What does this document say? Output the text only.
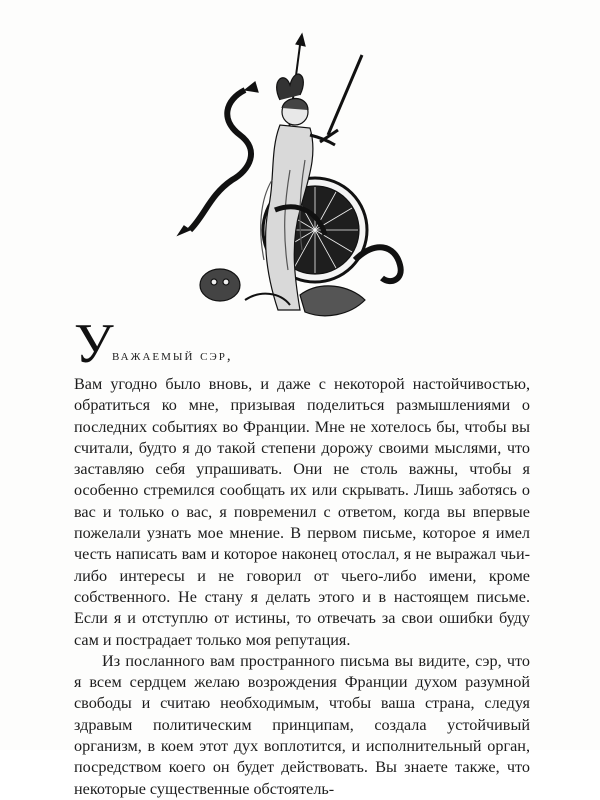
У
важаемый сэр,

Вам угодно было вновь, и даже с некоторой настойчивостью, обратиться ко мне, призывая поделиться размышлениями о последних событиях во Франции. Мне не хотелось бы, чтобы вы считали, будто я до такой степени дорожу своими мыслями, что заставляю себя упрашивать. Они не столь важны, чтобы я особенно стремился сообщать их или скрывать. Лишь заботясь о вас и только о вас, я повременил с ответом, когда вы впервые пожелали узнать мое мнение. В первом письме, которое я имел честь написать вам и которое наконец отослал, я не выражал чьи-либо интересы и не говорил от чьего-либо имени, кроме собственного. Не стану я делать этого и в настоящем письме. Если я и отступлю от истины, то отвечать за свои ошибки буду сам и пострадает только моя репутация.

Из посланного вам пространного письма вы видите, сэр, что я всем сердцем желаю возрождения Франции духом разумной свободы и считаю необходимым, чтобы ваша страна, следуя здравым политическим принципам, создала устойчивый организм, в коем этот дух воплотится, и исполнительный орган, посредством коего он будет действовать. Вы знаете также, что некоторые существенные обстоятель-
